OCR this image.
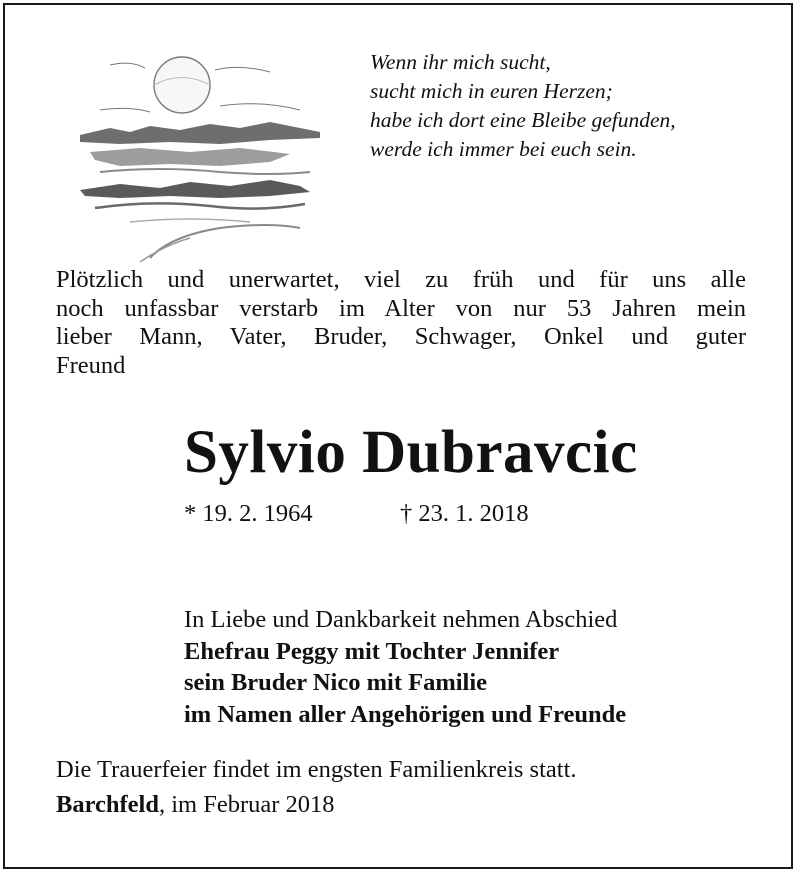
Wenn ihr mich sucht,
sucht mich in euren Herzen;
habe ich dort eine Bleibe gefunden,
werde ich immer bei euch sein.
Plötzlich und unerwartet, viel zu früh und für uns alle
noch unfassbar verstarb im Alter von nur 53 Jahren mein
lieber Mann, Vater, Bruder, Schwager, Onkel und guter
Freund
Sylvio Dubravcic
* 19. 2. 1964	† 23. 1. 2018
In Liebe und Dankbarkeit nehmen Abschied
Ehefrau Peggy mit Tochter Jennifer
sein Bruder Nico mit Familie
im Namen aller Angehörigen und Freunde
Die Trauerfeier findet im engsten Familienkreis statt.
Barchfeld, im Februar 2018
